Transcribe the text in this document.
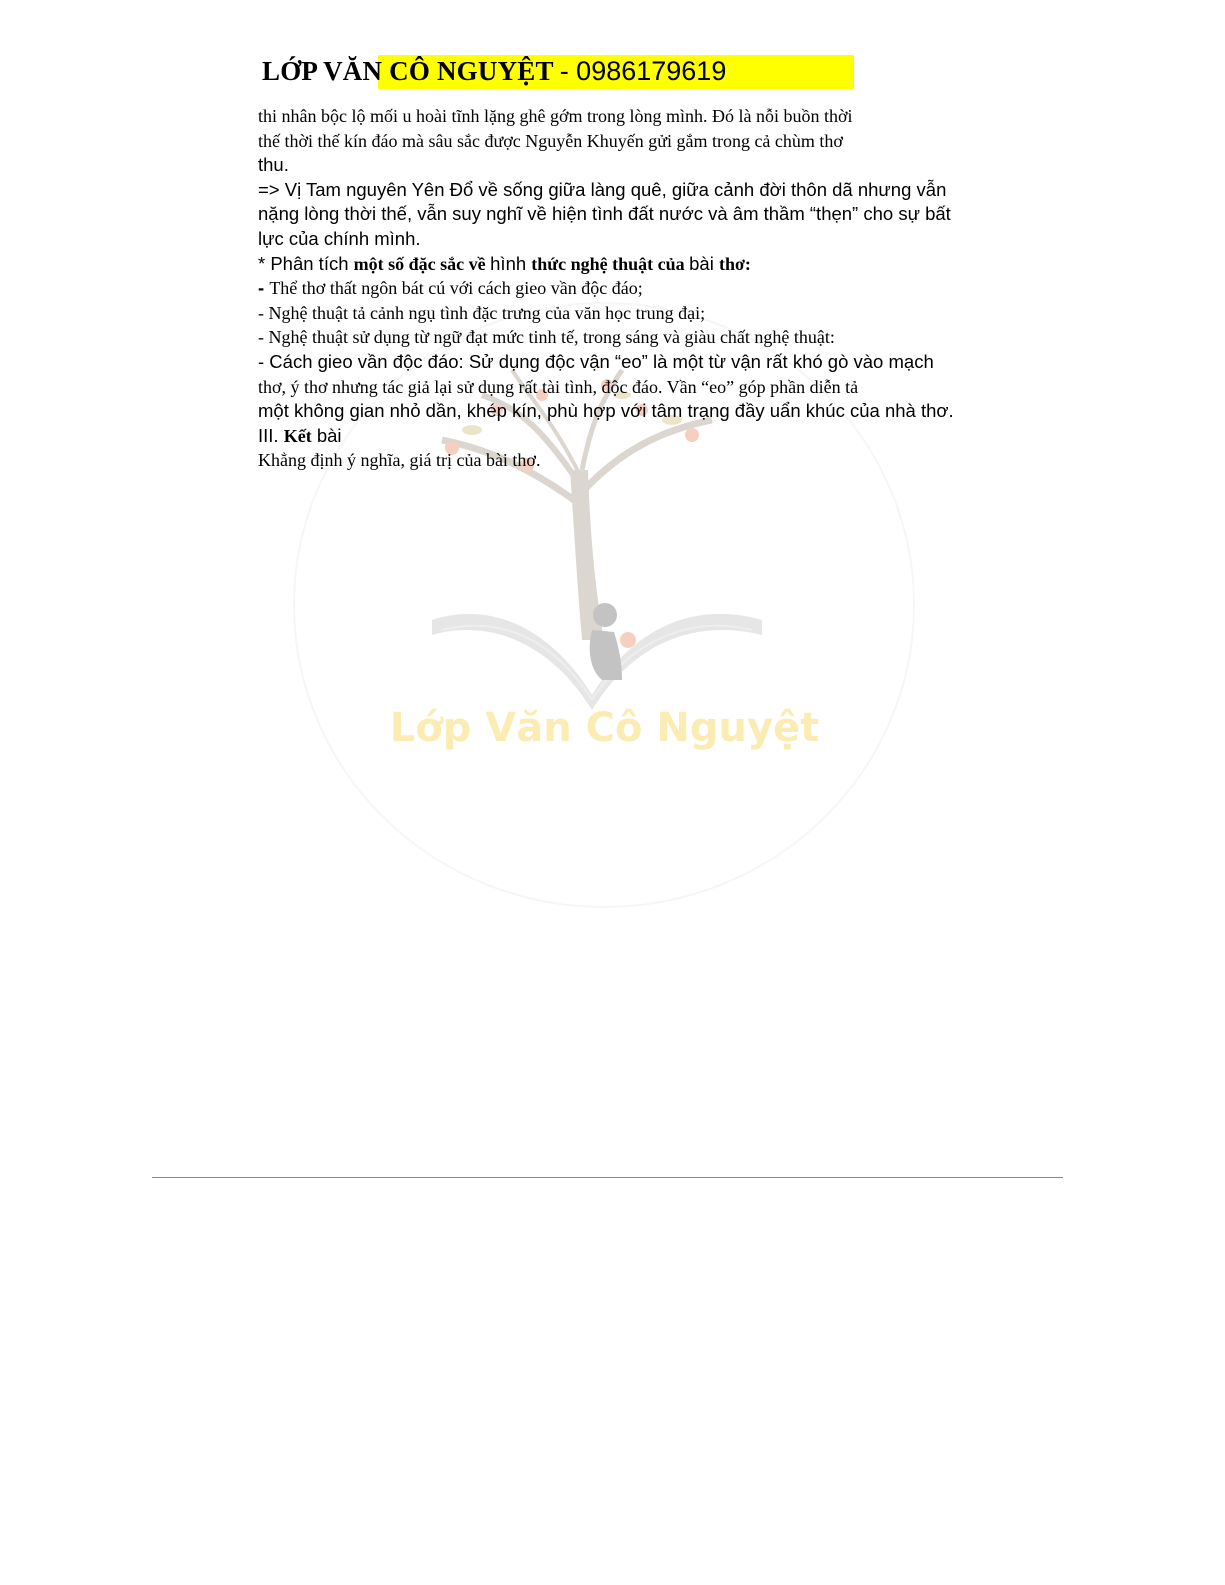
Lớp Văn Cô Nguyệt
LỚP VĂN CÔ NGUYỆT - 0986179619
thi nhân bộc lộ mối u hoài tĩnh lặng ghê gớm trong lòng mình. Đó là nỗi buồn thời
thế thời thế kín đáo mà sâu sắc được Nguyễn Khuyến gửi gắm trong cả chùm thơ
thu.
=> Vị Tam nguyên Yên Đổ về sống giữa làng quê, giữa cảnh đời thôn dã nhưng vẫn
nặng lòng thời thế, vẫn suy nghĩ về hiện tình đất nước và âm thầm “thẹn” cho sự bất
lực của chính mình.
* Phân tích một số đặc sắc về hình thức nghệ thuật của bài thơ:
- Thể thơ thất ngôn bát cú với cách gieo vần độc đáo;
- Nghệ thuật tả cảnh ngụ tình đặc trưng của văn học trung đại;
- Nghệ thuật sử dụng từ ngữ đạt mức tinh tế, trong sáng và giàu chất nghệ thuật:
- Cách gieo vần độc đáo: Sử dụng độc vận “eo” là một từ vận rất khó gò vào mạch
thơ, ý thơ nhưng tác giả lại sử dụng rất tài tình, độc đáo. Vần “eo” góp phần diễn tả
một không gian nhỏ dần, khép kín, phù hợp với tâm trạng đầy uẩn khúc của nhà thơ.
III. Kết bài
Khẳng định ý nghĩa, giá trị của bài thơ.
